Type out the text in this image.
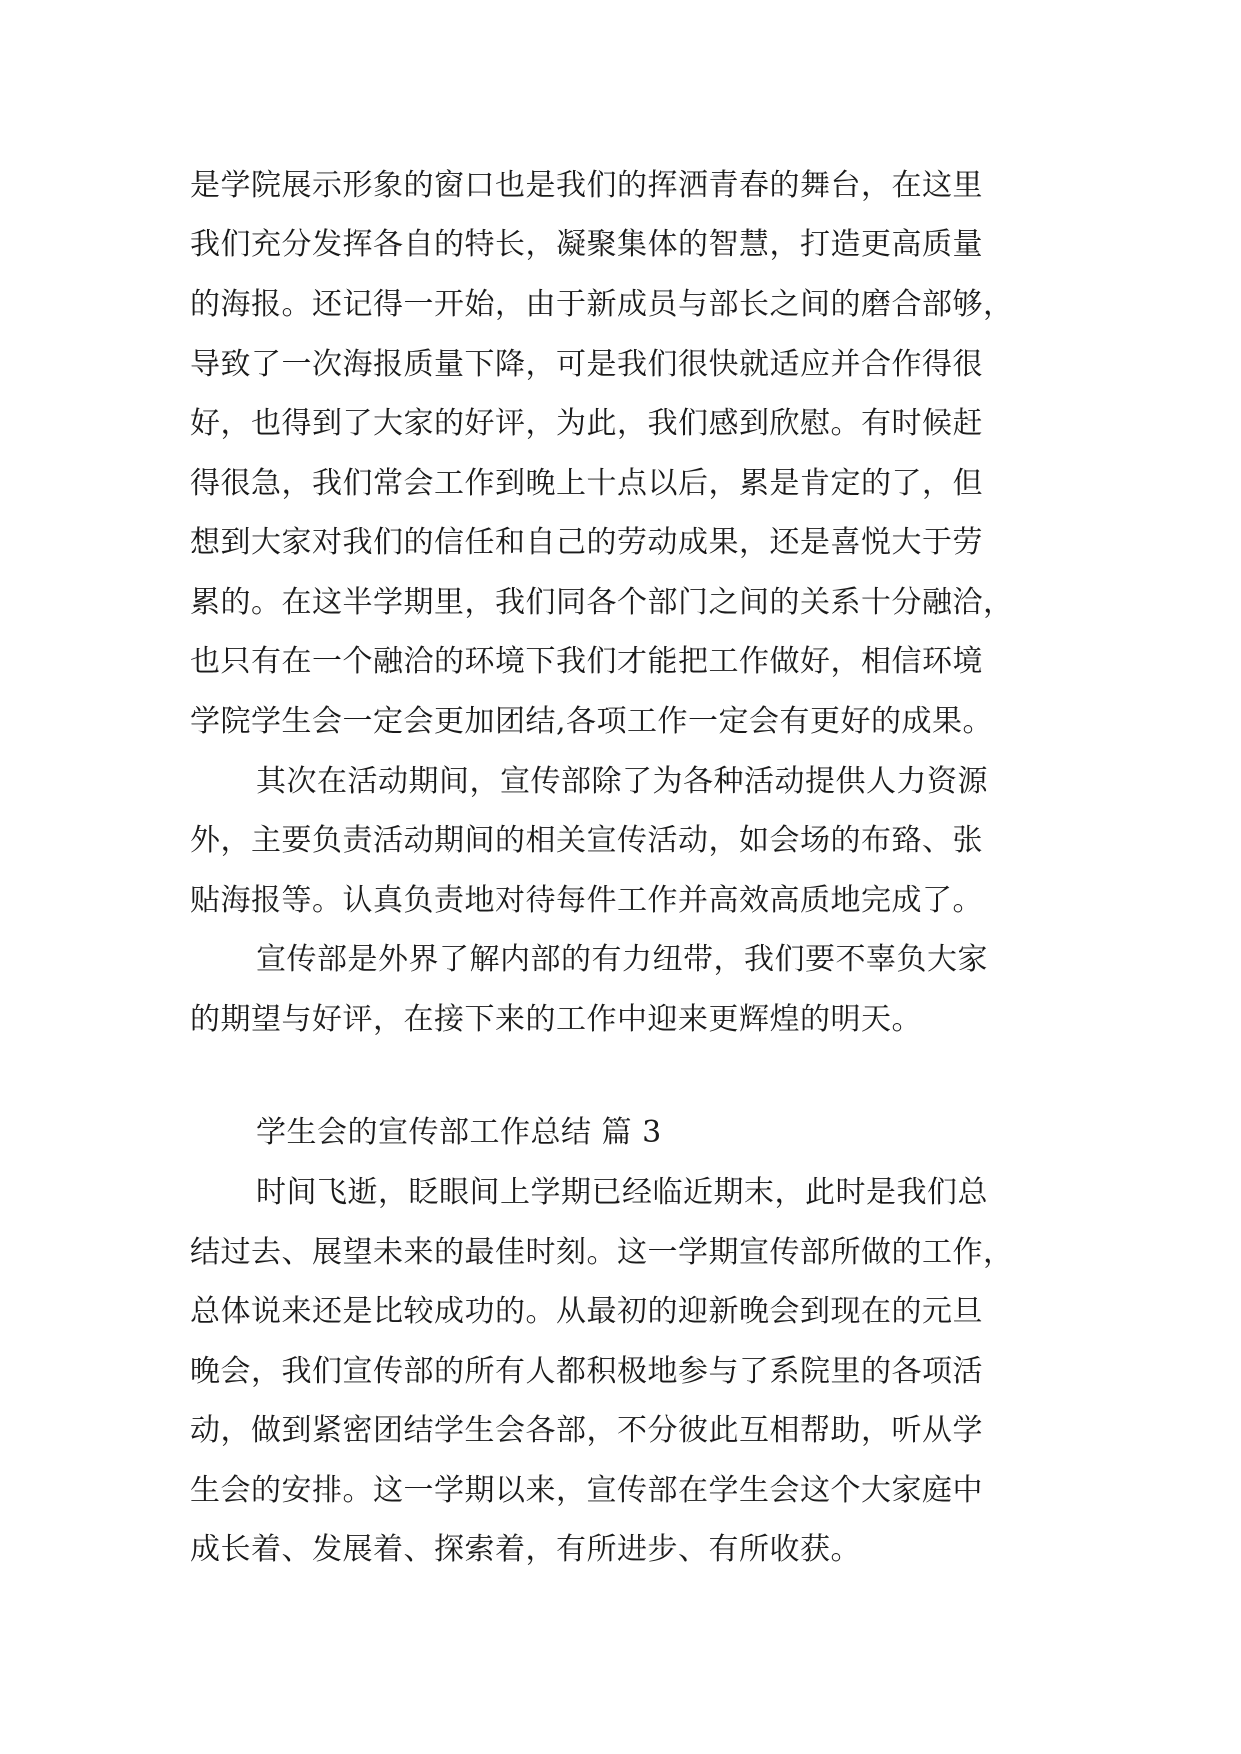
是学院展示形象的窗口也是我们的挥洒青春的舞台，在这里

我们充分发挥各自的特长，凝聚集体的智慧，打造更高质量

的海报。还记得一开始，由于新成员与部长之间的磨合部够，

导致了一次海报质量下降，可是我们很快就适应并合作得很

好，也得到了大家的好评，为此，我们感到欣慰。有时候赶

得很急，我们常会工作到晚上十点以后，累是肯定的了，但

想到大家对我们的信任和自己的劳动成果，还是喜悦大于劳

累的。在这半学期里，我们同各个部门之间的关系十分融洽，

也只有在一个融洽的环境下我们才能把工作做好，相信环境

学院学生会一定会更加团结,各项工作一定会有更好的成果。

其次在活动期间，宣传部除了为各种活动提供人力资源

外，主要负责活动期间的相关宣传活动，如会场的布臵、张

贴海报等。认真负责地对待每件工作并高效高质地完成了。

宣传部是外界了解内部的有力纽带，我们要不辜负大家

的期望与好评，在接下来的工作中迎来更辉煌的明天。

学生会的宣传部工作总结 篇 3

时间飞逝，眨眼间上学期已经临近期末，此时是我们总

结过去、展望未来的最佳时刻。这一学期宣传部所做的工作，

总体说来还是比较成功的。从最初的迎新晚会到现在的元旦

晚会，我们宣传部的所有人都积极地参与了系院里的各项活

动，做到紧密团结学生会各部，不分彼此互相帮助，听从学

生会的安排。这一学期以来，宣传部在学生会这个大家庭中

成长着、发展着、探索着，有所进步、有所收获。
